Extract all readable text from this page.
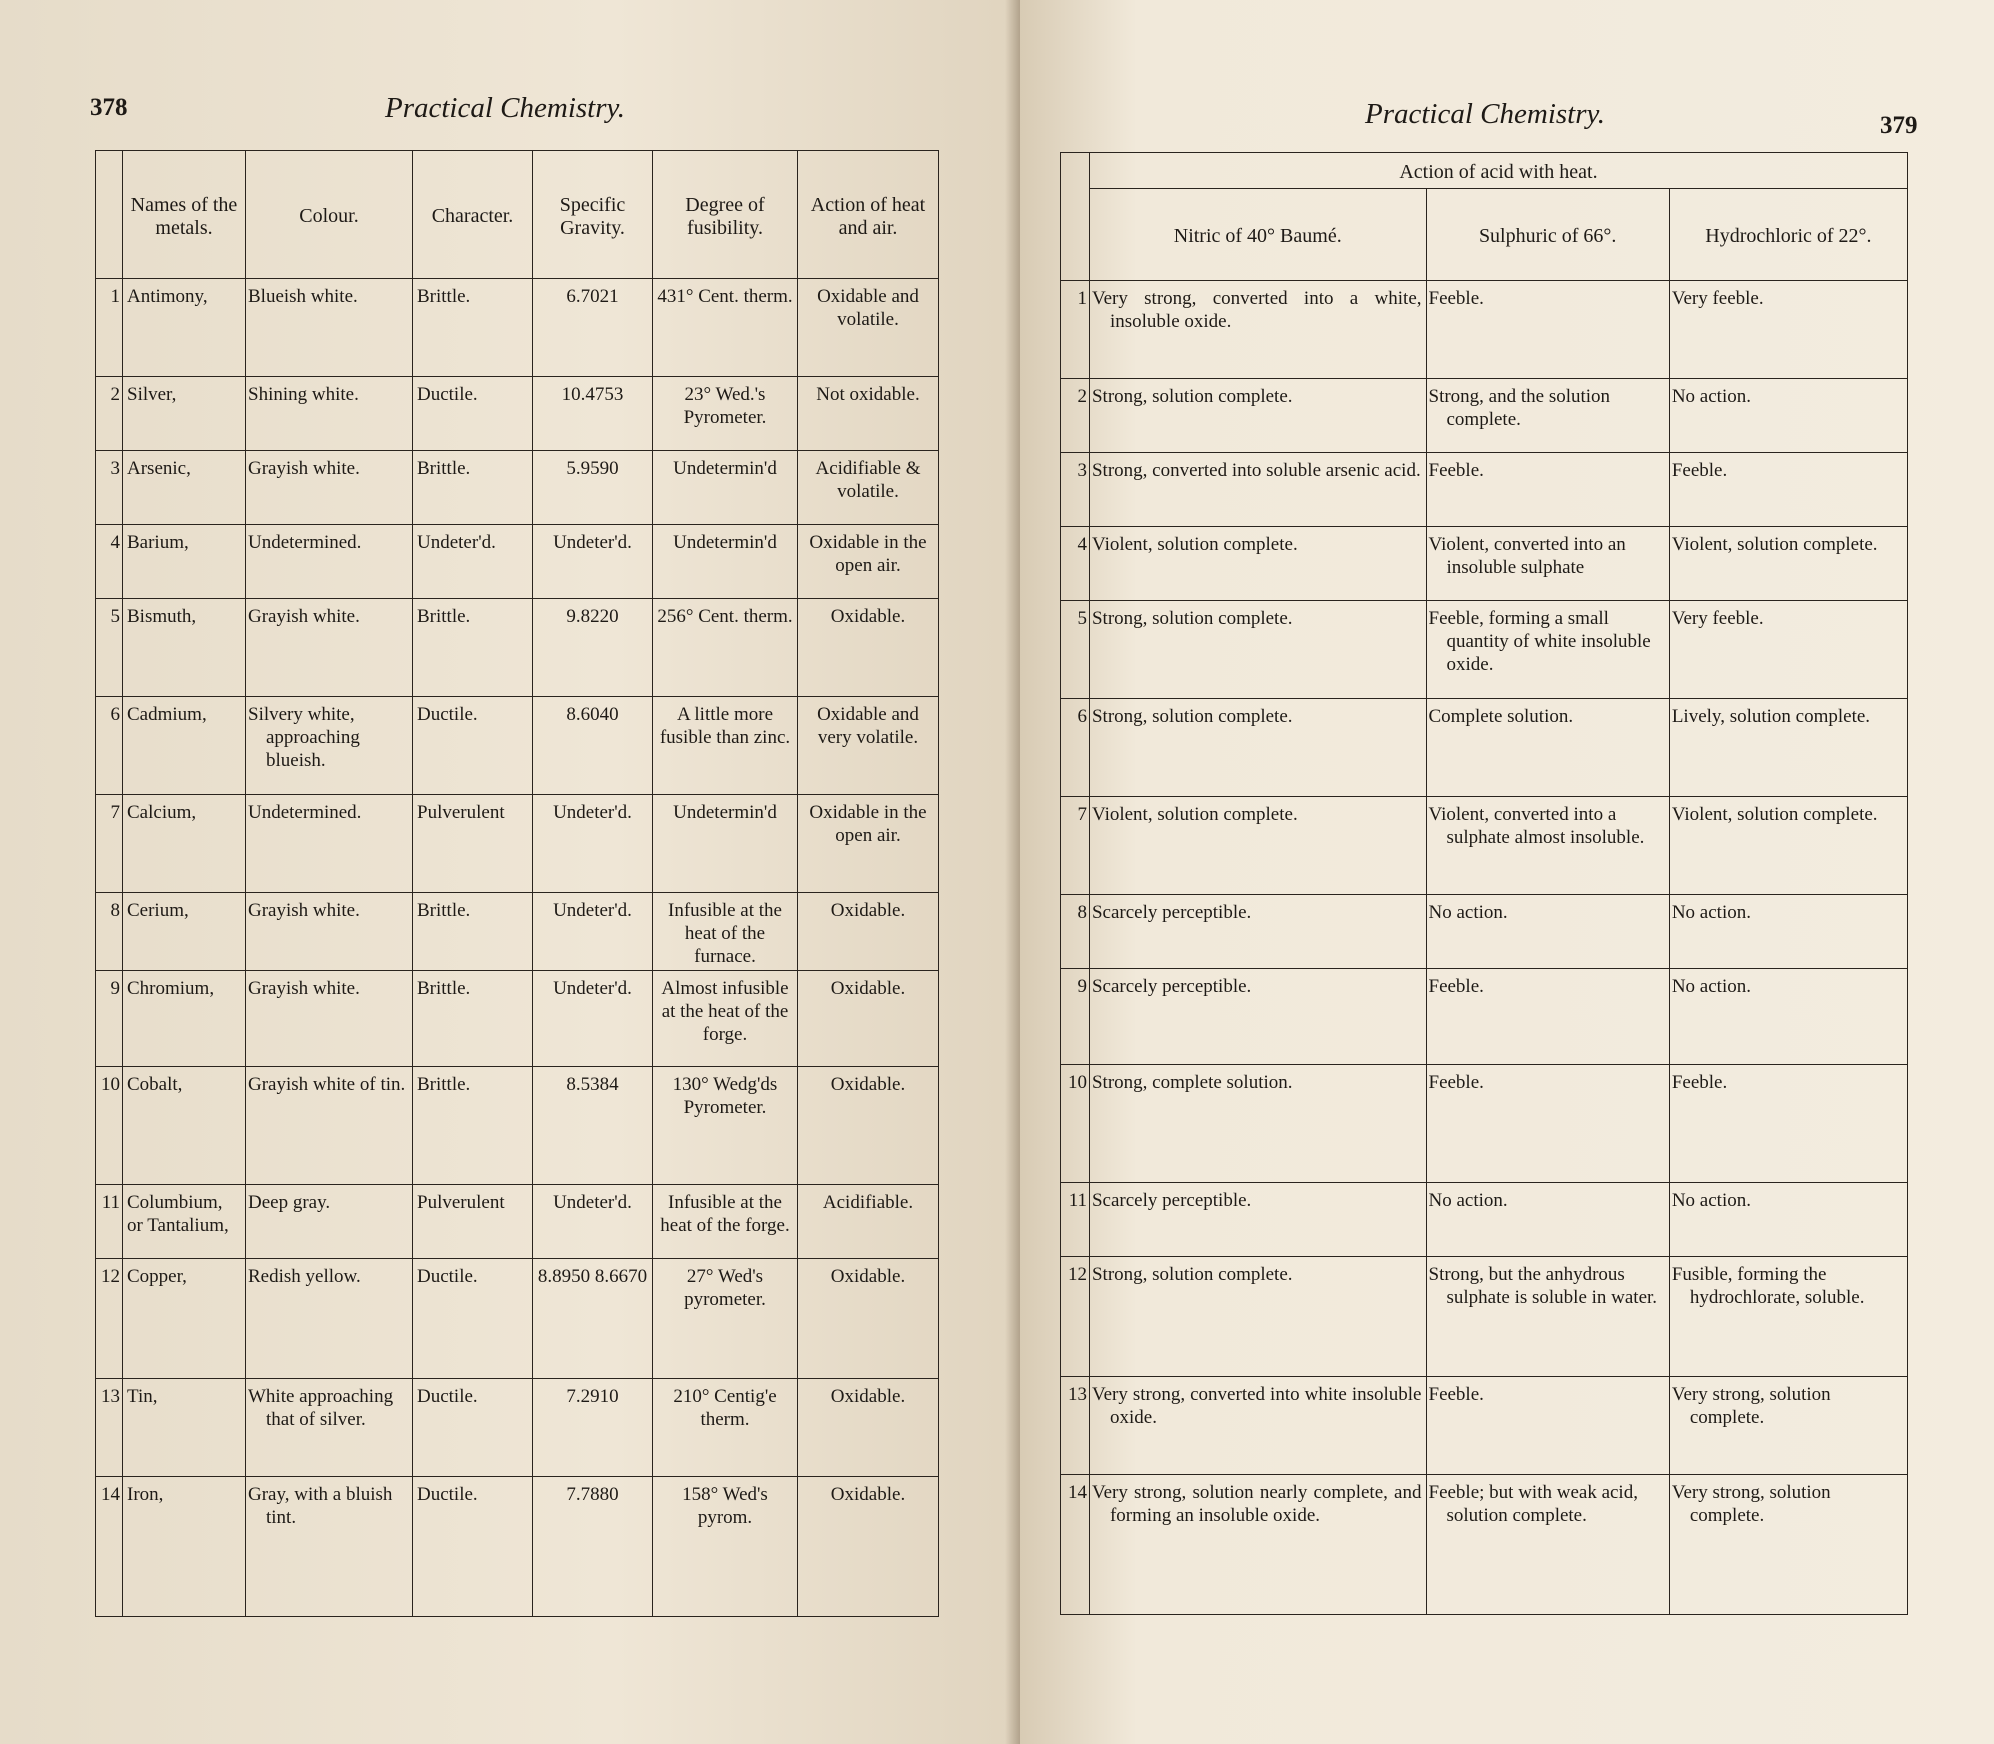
378	Practical Chemistry.
	Names of the metals.	Colour.	Character.	Specific Gravity.	Degree of fusibility.	Action of heat and air.
1	Antimony,	Blueish white.	Brittle.	6.7021	431° Cent. therm.	Oxidable and volatile.
2	Silver,	Shining white.	Ductile.	10.4753	23° Wed.'s Pyrometer.	Not oxidable.
3	Arsenic,	Grayish white.	Brittle.	5.9590	Undetermin'd	Acidifiable & volatile.
4	Barium,	Undetermined.	Undeter'd.	Undeter'd.	Undetermin'd	Oxidable in the open air.
5	Bismuth,	Grayish white.	Brittle.	9.8220	256° Cent. therm.	Oxidable.
6	Cadmium,	Silvery white, approaching blueish.	Ductile.	8.6040	A little more fusible than zinc.	Oxidable and very volatile.
7	Calcium,	Undetermined.	Pulverulent	Undeter'd.	Undetermin'd	Oxidable in the open air.
8	Cerium,	Grayish white.	Brittle.	Undeter'd.	Infusible at the heat of the furnace.	Oxidable.
9	Chromium,	Grayish white.	Brittle.	Undeter'd.	Almost infusible at the heat of the forge.	Oxidable.
10	Cobalt,	Grayish white of tin.	Brittle.	8.5384	130° Wedg'ds Pyrometer.	Oxidable.
11	Columbium, or Tantalium,	Deep gray.	Pulverulent	Undeter'd.	Infusible at the heat of the forge.	Acidifiable.
12	Copper,	Redish yellow.	Ductile.	8.8950 8.6670	27° Wed's pyrometer.	Oxidable.
13	Tin,	White approaching that of silver.	Ductile.	7.2910	210° Centig'e therm.	Oxidable.
14	Iron,	Gray, with a bluish tint.	Ductile.	7.7880	158° Wed's pyrom.	Oxidable.
Practical Chemistry.	379
	Action of acid with heat.		
	Nitric of 40° Baumé.	Sulphuric of 66°.	Hydrochloric of 22°.
1	Very strong, converted into a white, insoluble oxide.	Feeble.	Very feeble.
2	Strong, solution complete.	Strong, and the solution complete.	No action.
3	Strong, converted into soluble arsenic acid.	Feeble.	Feeble.
4	Violent, solution complete.	Violent, converted into an insoluble sulphate	Violent, solution complete.
5	Strong, solution complete.	Feeble, forming a small quantity of white insoluble oxide.	Very feeble.
6	Strong, solution complete.	Complete solution.	Lively, solution complete.
7	Violent, solution complete.	Violent, converted into a sulphate almost insoluble.	Violent, solution complete.
8	Scarcely perceptible.	No action.	No action.
9	Scarcely perceptible.	Feeble.	No action.
10	Strong, complete solution.	Feeble.	Feeble.
11	Scarcely perceptible.	No action.	No action.
12	Strong, solution complete.	Strong, but the anhydrous sulphate is soluble in water.	Fusible, forming the hydrochlorate, soluble.
13	Very strong, converted into white insoluble oxide.	Feeble.	Very strong, solution complete.
14	Very strong, solution nearly complete, and forming an insoluble oxide.	Feeble; but with weak acid, solution complete.	Very strong, solution complete.
